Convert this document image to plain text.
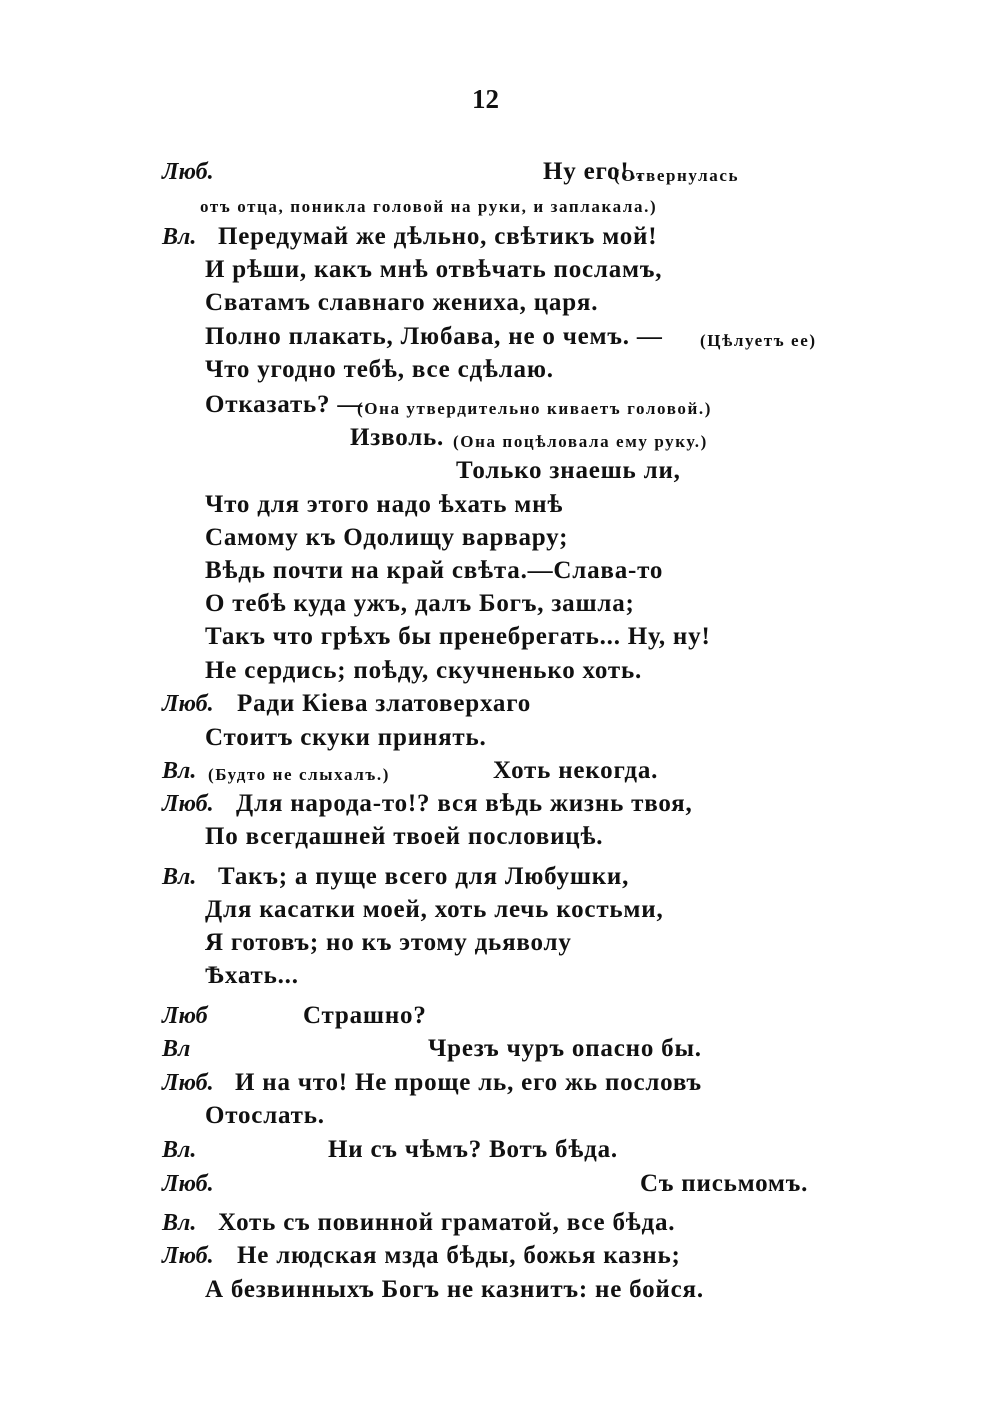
12
Люб.	Ну его!..
(Отвернулась
отъ отца, поникла головой на руки, и заплакала.)
Вл. Передумай же дѣльно, свѣтикъ мой!
И рѣши, какъ мнѣ отвѣчать посламъ,
Сватамъ славнаго жениха, царя.
Полно плакать, Любава, не о чемъ. — (Цѣлуетъ ее)
Что угодно тебѣ, все сдѣлаю.
Отказать? —
(Она утвердительно киваетъ головой.)
Изволь. (Она поцѣловала ему руку.)
Только знаешь ли,
Что для этого надо ѣхать мнѣ
Самому къ Одолищу варвару;
Вѣдь почти на край свѣта.—Слава-то
О тебѣ куда ужъ, далъ Богъ, зашла;
Такъ что грѣхъ бы пренебрегать... Ну, ну!
Не сердись; поѣду, скучненько хоть.
Люб. Ради Кіева златоверхаго
Стоитъ скуки принять.
Вл. (Будто не слыхалъ.)	Хоть некогда.
Люб. Для народа-то!? вся вѣдь жизнь твоя,
По всегдашней твоей пословицѣ.
Вл. Такъ; а пуще всего для Любушки,
Для касатки моей, хоть лечь костьми,
Я готовъ; но къ этому дьяволу
Ѣхать...
Люб	Страшно?
Вл	Чрезъ чуръ опасно бы.
Люб. И на что! Не проще ль, его жь пословъ
Отослать.
Вл.	Ни съ чѣмъ? Вотъ бѣда.
Люб.	Съ письмомъ.
Вл. Хоть съ повинной граматой, все бѣда.
Люб. Не людская мзда бѣды, божья казнь;
А безвинныхъ Богъ не казнитъ: не бойся.
